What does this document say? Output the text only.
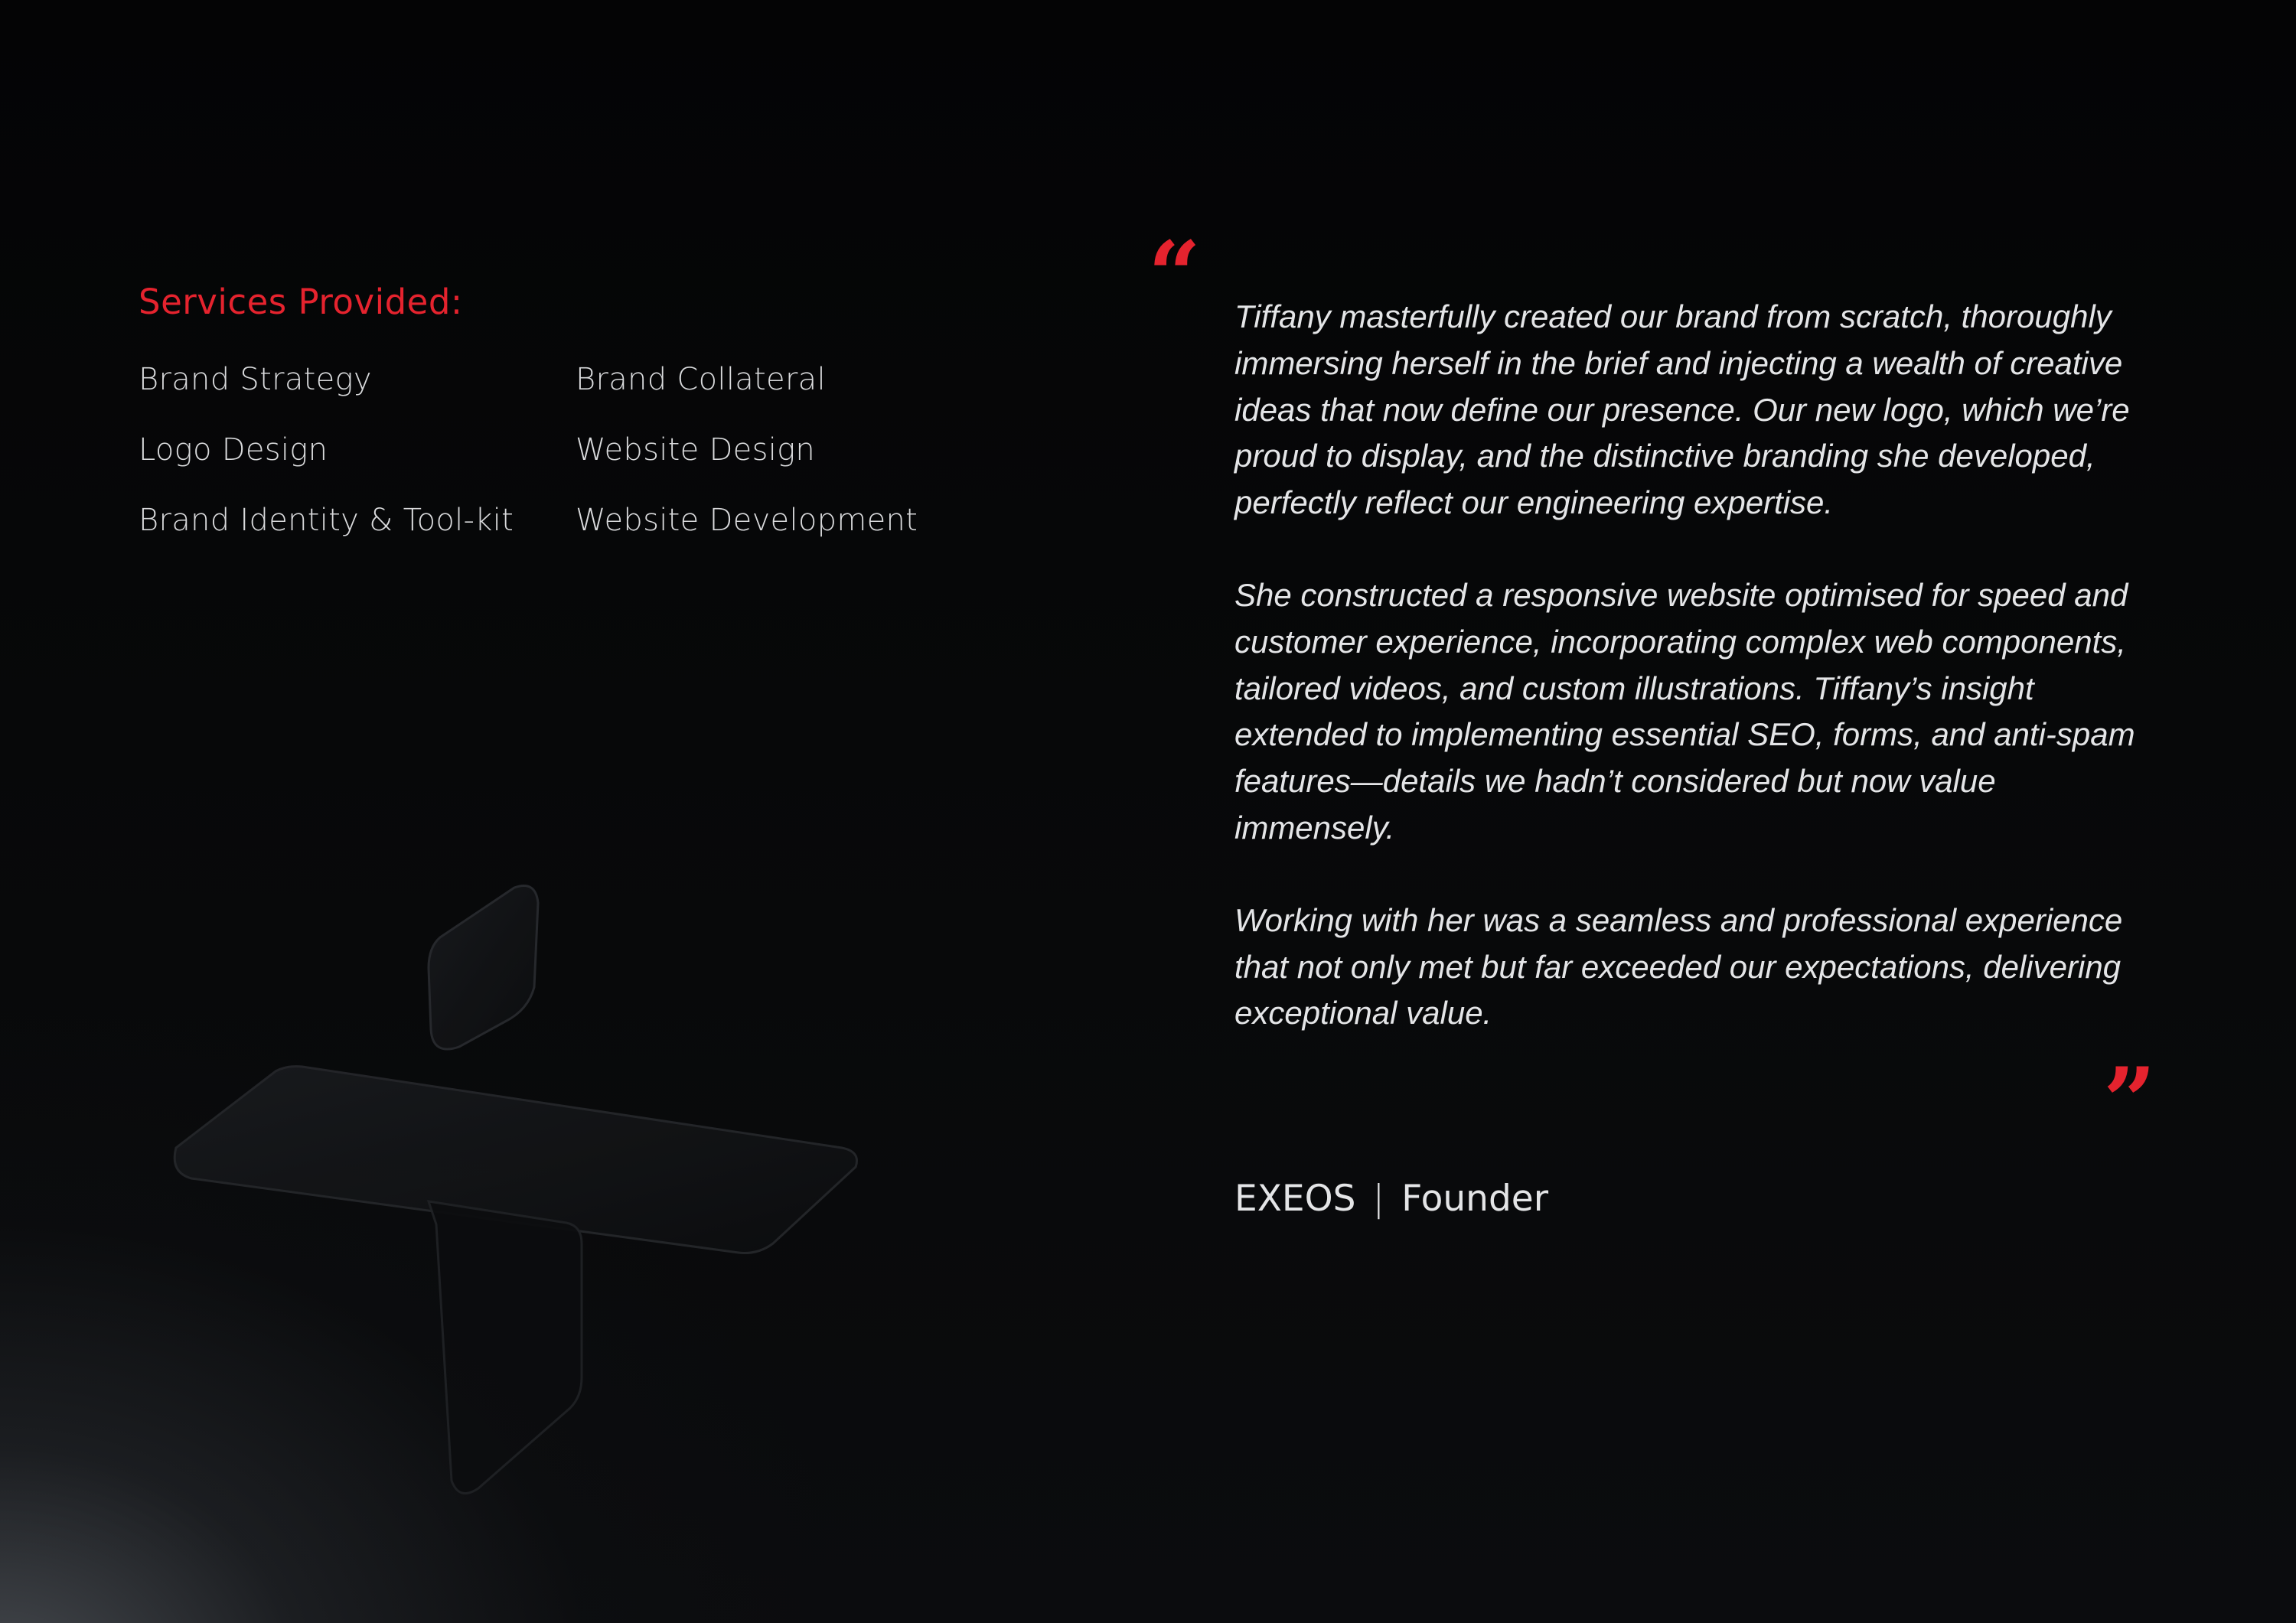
Services Provided:
Brand Strategy
Logo Design
Brand Identity & Tool-kit
Brand Collateral
Website Design
Website Development
“ Tiffany masterfully created our brand from scratch, thoroughly immersing herself in the brief and injecting a wealth of creative ideas that now define our presence. Our new logo, which we’re proud to display, and the distinctive branding she developed, perfectly reflect our engineering expertise.

She constructed a responsive website optimised for speed and customer experience, incorporating complex web components, tailored videos, and custom illustrations. Tiffany’s insight extended to implementing essential SEO, forms, and anti-spam features—details we hadn’t considered but now value immensely.

Working with her was a seamless and professional experience that not only met but far exceeded our expectations, delivering exceptional value.

”
EXEOS | Founder
